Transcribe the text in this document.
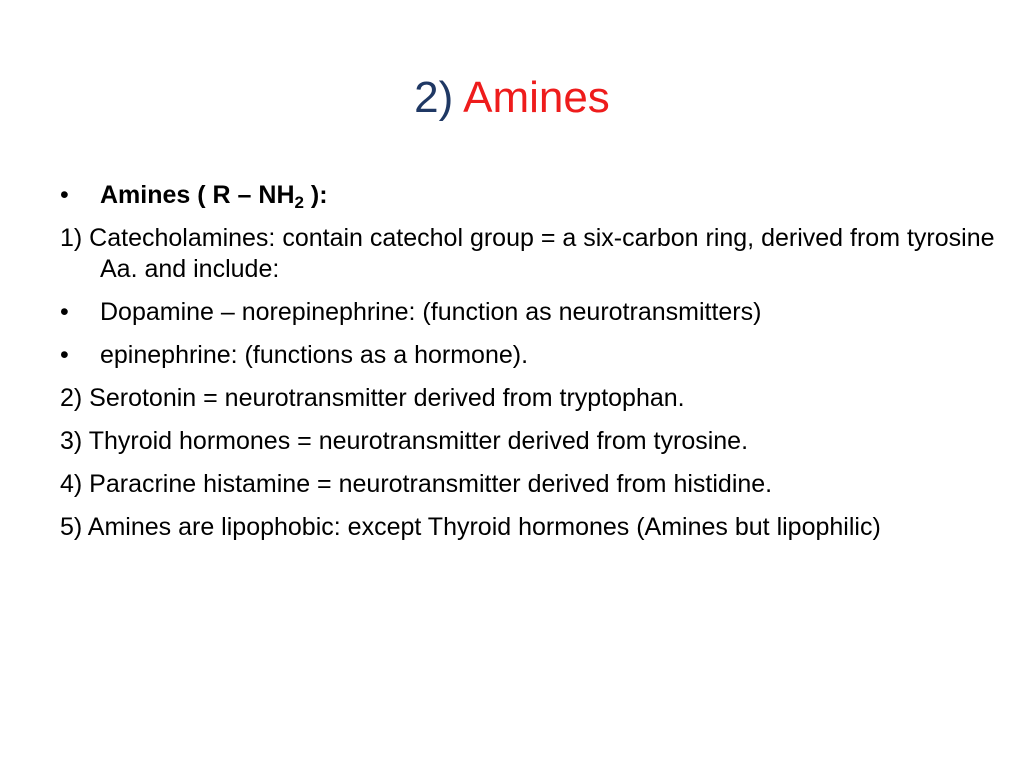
2) Amines
•	Amines ( R – $NH_2$ ):
1) Catecholamines: contain catechol group = a six-carbon ring, derived from tyrosine Aa. and include:
•	Dopamine – norepinephrine: (function as neurotransmitters)
•	epinephrine: (functions as a hormone).
2) Serotonin = neurotransmitter derived from tryptophan.
3) Thyroid hormones = neurotransmitter derived from tyrosine.
4) Paracrine histamine = neurotransmitter derived from histidine.
5) Amines are lipophobic: except Thyroid hormones (Amines but lipophilic)
